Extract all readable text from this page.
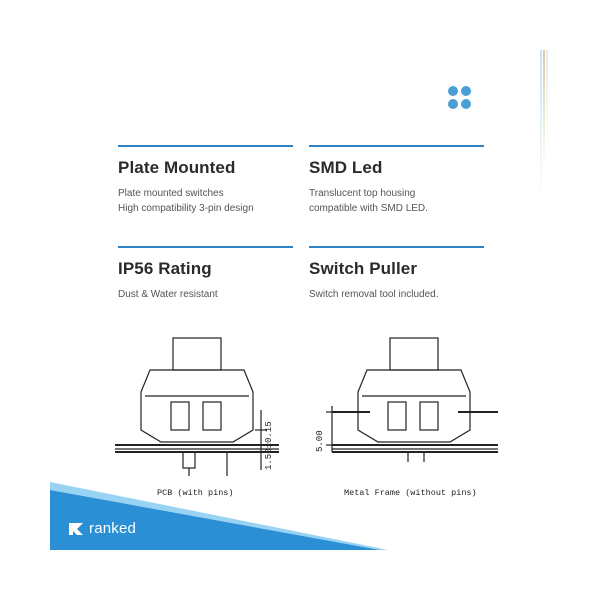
Plate Mounted

Plate mounted switches
High compatibility 3-pin design

SMD Led

Translucent top housing
compatible with SMD LED.

IP56 Rating

Dust & Water resistant

Switch Puller

Switch removal tool included.

1.50±0.15
PCB (with pins)
5.00
Metal Frame (without pins)
ranked
